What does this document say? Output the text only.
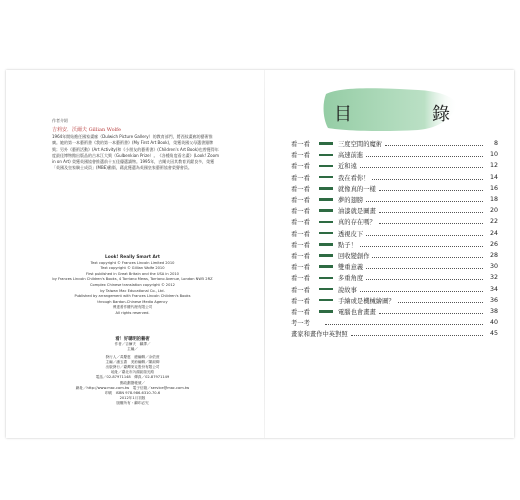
作者介紹
吉莉安．沃爾夫 Gillian Wolfe
1964年開始擔任國家畫廊（Dulwich Picture Gallery）的教育部門，將西紋畫廊的藝術推廣。她的第一本藝術書《我的第一本藝術書》(My First Art Book)，榮獲英國父母選書銀牌獎；另外《藝術活動》(Art Activity)和《小朋友的藝術書》(Children's Art Book)也曾獲得年度最佳博物館出版品的古本江大獎（Gulbenkian Prize）。《各種角度看名畫》(Look! Zoom in on Art) 榮獲英國協會推選前十五佳優選讀物。1995年，吉爾夫因其教育貢獻良多，榮獲「英國及皇家騎士成員」(MBE)勳銜，藉此獲選為英國皇家藝術協會榮譽會員。
Look! Really Smart Art
Text copyright © Frances Lincoln Limited 2010
Text copyright © Gillian Wolfe 2010
First published in Great Britain and the USA in 2010
by Frances Lincoln Children's Books, 4 Torriano Mews, Torriano Avenue, London NW5 2RZ
Complex Chinese translation copyright © 2012
by Taiwan Mac Educational Co., Ltd.
Published by arrangement with Frances Lincoln Children's Books
through Bardon-Chinese Media Agency
博達著作權代理有限公司
All rights reserved.
看！好聰明的藝術
作者／吉爾夫　翻譯／
主編／
發行人／黃慶惠　總編輯／余依萱
主編／潘玉喬　美術編輯／陳淑卿
出版發行／臺灣麥克股份有限公司
地址／臺北市內湖區瑞光路
電話／02-87971148　傳真／02-87971149
郵政劃撥帳號／
網址／http://www.mac.com.tw　電子信箱／service@mac.com.tw
印刷　ISBN 978-986-6310-70-6
2012年1月初版
版權所有・翻印必究
目	錄
看一看	三度空間的魔術	8
看一看	高速前進	10
看一看	近和遠	12
看一看	我在看你！	14
看一看	就像真的一樣	16
看一看	夢的翅膀	18
看一看	油漆就是圖畫	20
看一看	真的存在嗎？	22
看一看	透視皮下	24
看一看	點子！	26
看一看	回收變創作	28
看一看	雙重意義	30
看一看	多重角度	32
看一看	說故事	34
看一看	手繪或是機械繪圖？	36
看一看	電腦也會畫畫	38
考一考	40
畫家和畫作中英對照	45
